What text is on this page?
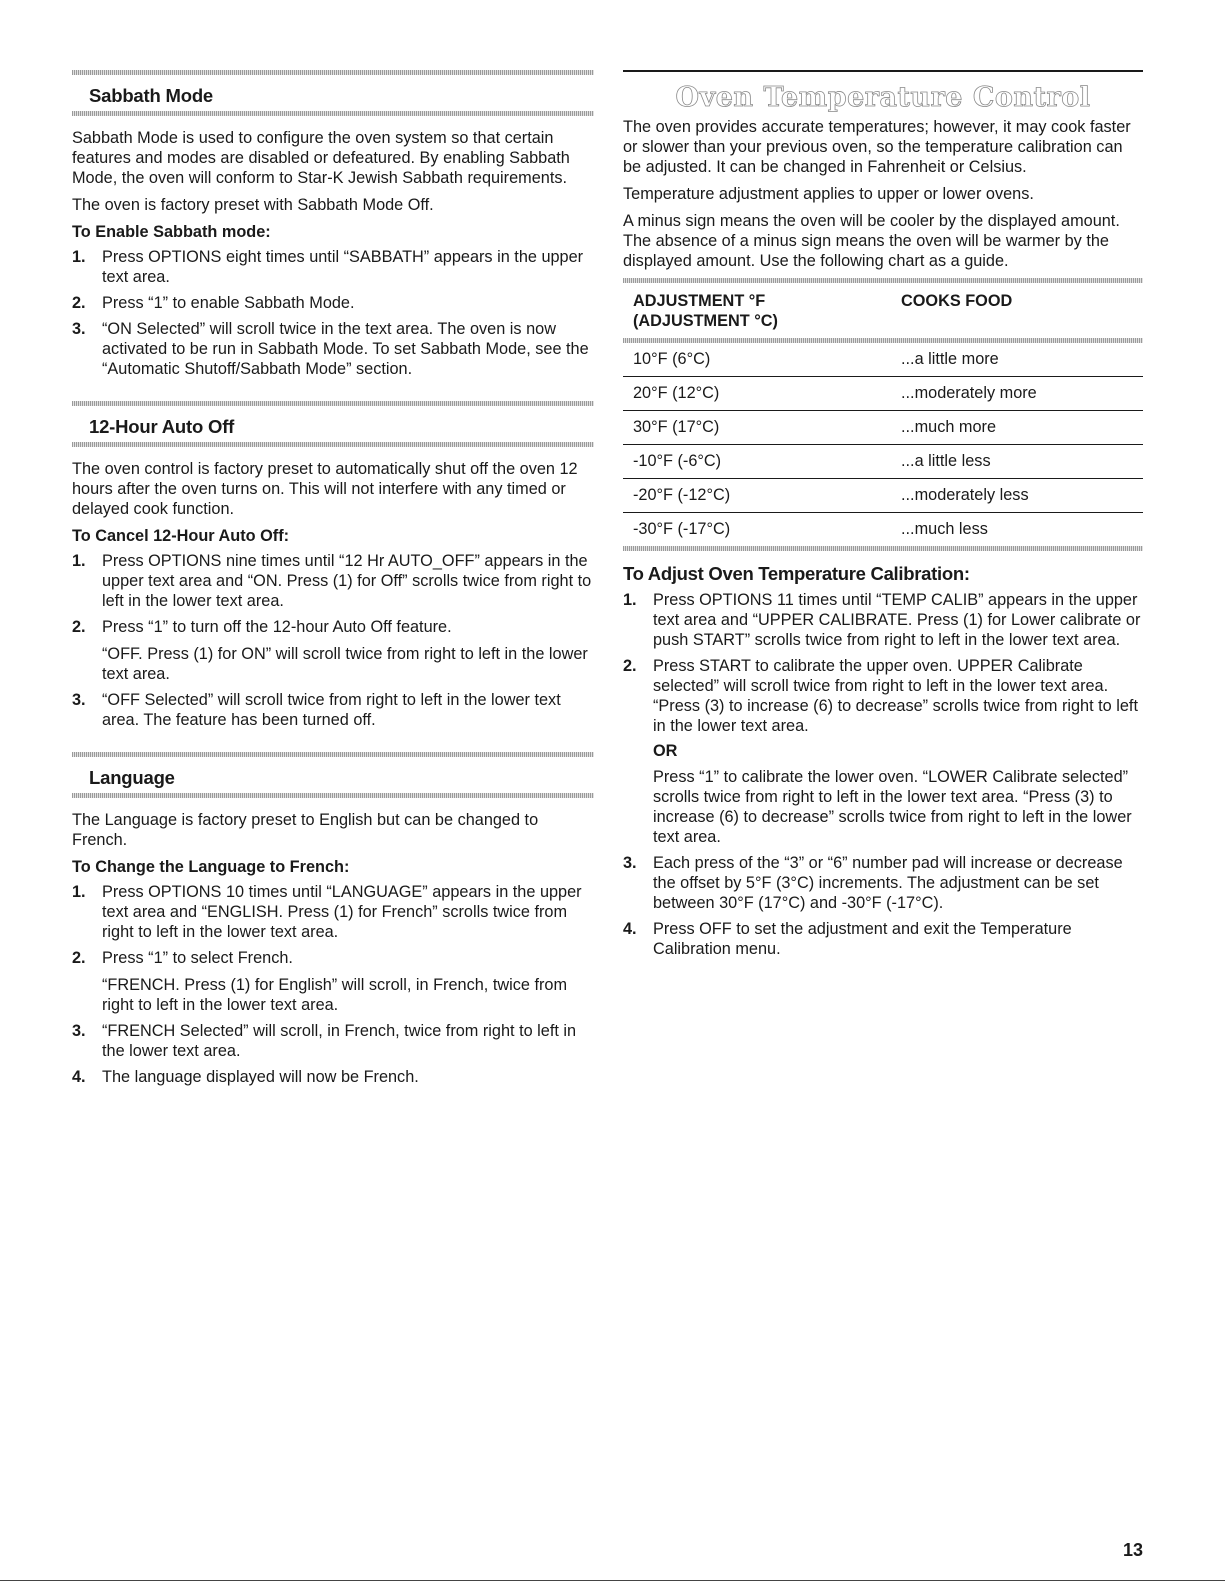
Sabbath Mode

Sabbath Mode is used to configure the oven system so that certain features and modes are disabled or defeatured. By enabling Sabbath Mode, the oven will conform to Star-K Jewish Sabbath requirements.

The oven is factory preset with Sabbath Mode Off.

To Enable Sabbath mode:
1. Press OPTIONS eight times until “SABBATH” appears in the upper text area.
2. Press “1” to enable Sabbath Mode.
3. “ON Selected” will scroll twice in the text area. The oven is now activated to be run in Sabbath Mode. To set Sabbath Mode, see the “Automatic Shutoff/Sabbath Mode” section.
12-Hour Auto Off

The oven control is factory preset to automatically shut off the oven 12 hours after the oven turns on. This will not interfere with any timed or delayed cook function.

To Cancel 12-Hour Auto Off:
1. Press OPTIONS nine times until “12 Hr AUTO_OFF” appears in the upper text area and “ON. Press (1) for Off” scrolls twice from right to left in the lower text area.
2. Press “1” to turn off the 12-hour Auto Off feature.
“OFF. Press (1) for ON” will scroll twice from right to left in the lower text area.
3. “OFF Selected” will scroll twice from right to left in the lower text area. The feature has been turned off.
Language

The Language is factory preset to English but can be changed to French.

To Change the Language to French:
1. Press OPTIONS 10 times until “LANGUAGE” appears in the upper text area and “ENGLISH. Press (1) for French” scrolls twice from right to left in the lower text area.
2. Press “1” to select French.
“FRENCH. Press (1) for English” will scroll, in French, twice from right to left in the lower text area.
3. “FRENCH Selected” will scroll, in French, twice from right to left in the lower text area.
4. The language displayed will now be French.
Oven Temperature Control

The oven provides accurate temperatures; however, it may cook faster or slower than your previous oven, so the temperature calibration can be adjusted. It can be changed in Fahrenheit or Celsius.

Temperature adjustment applies to upper or lower ovens.

A minus sign means the oven will be cooler by the displayed amount. The absence of a minus sign means the oven will be warmer by the displayed amount. Use the following chart as a guide.

ADJUSTMENT °F
(ADJUSTMENT °C)	COOKS FOOD

10°F (6°C)	...a little more
20°F (12°C)	...moderately more
30°F (17°C)	...much more
-10°F (-6°C)	...a little less
-20°F (-12°C)	...moderately less
-30°F (-17°C)	...much less

To Adjust Oven Temperature Calibration:
1. Press OPTIONS 11 times until “TEMP CALIB” appears in the upper text area and “UPPER CALIBRATE. Press (1) for Lower calibrate or push START” scrolls twice from right to left in the lower text area.
2. Press START to calibrate the upper oven. UPPER Calibrate selected” will scroll twice from right to left in the lower text area. “Press (3) to increase (6) to decrease” scrolls twice from right to left in the lower text area.
OR
Press “1” to calibrate the lower oven. “LOWER Calibrate selected” scrolls twice from right to left in the lower text area. “Press (3) to increase (6) to decrease” scrolls twice from right to left in the lower text area.
3. Each press of the “3” or “6” number pad will increase or decrease the offset by 5°F (3°C) increments. The adjustment can be set between 30°F (17°C) and -30°F (-17°C).
4. Press OFF to set the adjustment and exit the Temperature Calibration menu.
13
